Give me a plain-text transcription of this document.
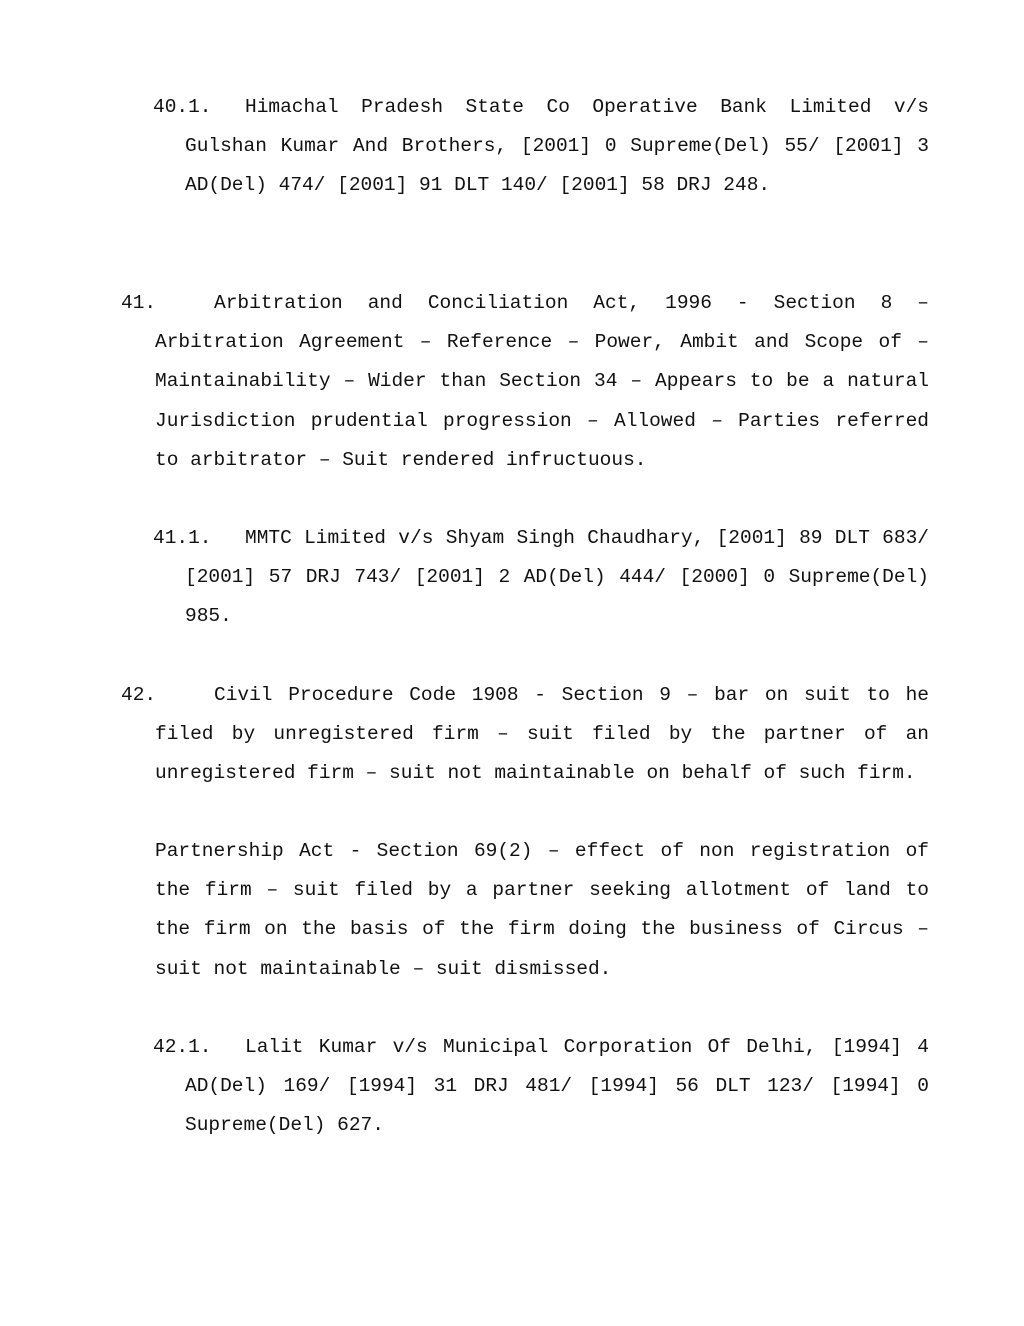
40.1. Himachal Pradesh State Co Operative Bank Limited v/s Gulshan Kumar And Brothers, [2001] 0 Supreme(Del) 55/ [2001] 3 AD(Del) 474/ [2001] 91 DLT 140/ [2001] 58 DRJ 248.
41.	Arbitration and Conciliation Act, 1996 - Section 8 – Arbitration Agreement – Reference – Power, Ambit and Scope of – Maintainability – Wider than Section 34 – Appears to be a natural Jurisdiction prudential progression – Allowed – Parties referred to arbitrator – Suit rendered infructuous.
41.1. MMTC Limited v/s Shyam Singh Chaudhary, [2001] 89 DLT 683/ [2001] 57 DRJ 743/ [2001] 2 AD(Del) 444/ [2000] 0 Supreme(Del) 985.
42.	Civil Procedure Code 1908 - Section 9 – bar on suit to he filed by unregistered firm – suit filed by the partner of an unregistered firm – suit not maintainable on behalf of such firm.
Partnership Act - Section 69(2) – effect of non registration of the firm – suit filed by a partner seeking allotment of land to the firm on the basis of the firm doing the business of Circus – suit not maintainable – suit dismissed.
42.1. Lalit Kumar v/s Municipal Corporation Of Delhi, [1994] 4 AD(Del) 169/ [1994] 31 DRJ 481/ [1994] 56 DLT 123/ [1994] 0 Supreme(Del) 627.
